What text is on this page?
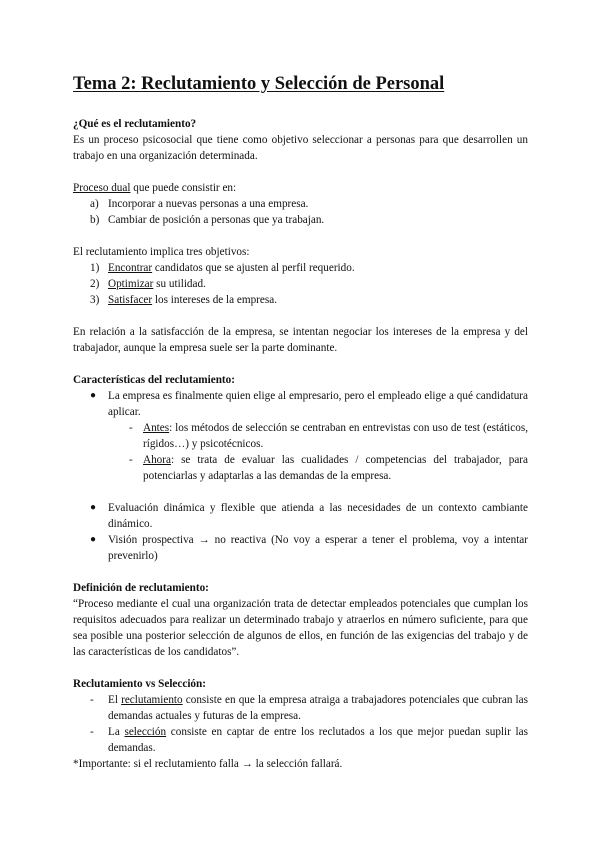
Tema 2: Reclutamiento y Selección de Personal

¿Qué es el reclutamiento?

Es un proceso psicosocial que tiene como objetivo seleccionar a personas para que desarrollen un trabajo en una organización determinada.

Proceso dual que puede consistir en:

a) Incorporar a nuevas personas a una empresa.
b) Cambiar de posición a personas que ya trabajan.

El reclutamiento implica tres objetivos:

1) Encontrar candidatos que se ajusten al perfil requerido.
2) Optimizar su utilidad.
3) Satisfacer los intereses de la empresa.

En relación a la satisfacción de la empresa, se intentan negociar los intereses de la empresa y del trabajador, aunque la empresa suele ser la parte dominante.

Características del reclutamiento:

●	La empresa es finalmente quien elige al empresario, pero el empleado elige a qué candidatura aplicar.
- Antes: los métodos de selección se centraban en entrevistas con uso de test (estáticos, rígidos…) y psicotécnicos.
- Ahora: se trata de evaluar las cualidades / competencias del trabajador, para potenciarlas y adaptarlas a las demandas de la empresa.
●	Evaluación dinámica y flexible que atienda a las necesidades de un contexto cambiante dinámico.
●	Visión prospectiva → no reactiva (No voy a esperar a tener el problema, voy a intentar prevenirlo)

Definición de reclutamiento:

“Proceso mediante el cual una organización trata de detectar empleados potenciales que cumplan los requisitos adecuados para realizar un determinado trabajo y atraerlos en número suficiente, para que sea posible una posterior selección de algunos de ellos, en función de las exigencias del trabajo y de las características de los candidatos”.

Reclutamiento vs Selección:

-	El reclutamiento consiste en que la empresa atraiga a trabajadores potenciales que cubran las demandas actuales y futuras de la empresa.
-	La selección consiste en captar de entre los reclutados a los que mejor puedan suplir las demandas.

*Importante: si el reclutamiento falla → la selección fallará.
